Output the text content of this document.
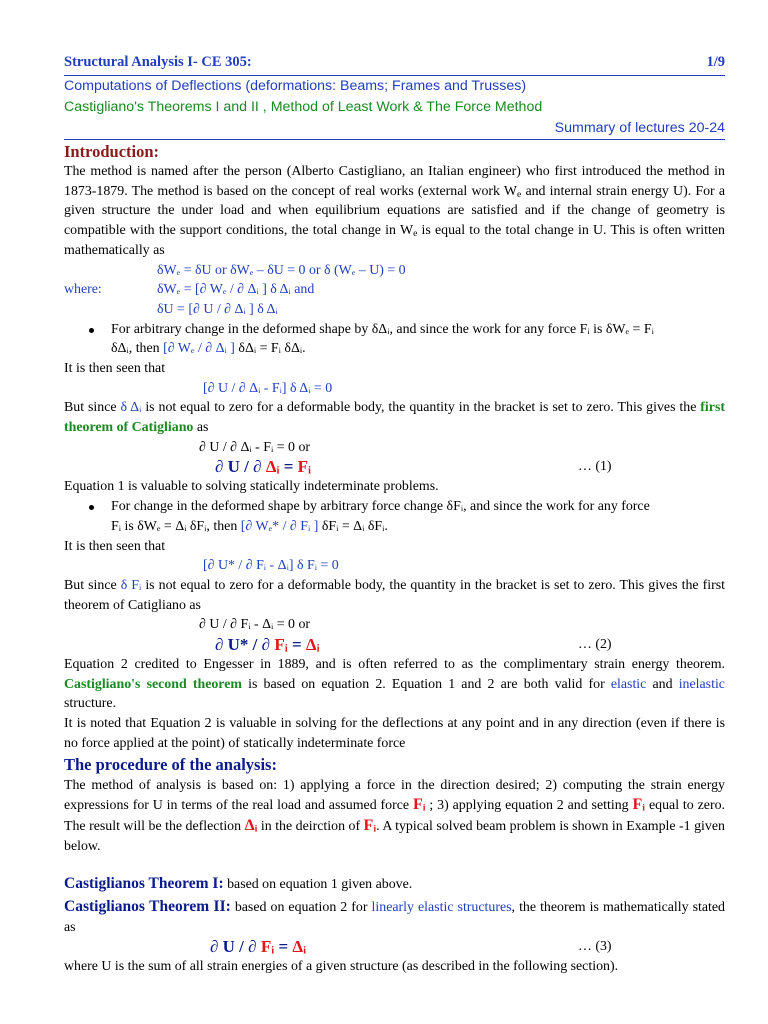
Structural Analysis I- CE 305:	1/9
Computations of Deflections (deformations: Beams; Frames and Trusses)
Castigliano's Theorems I and II , Method of Least Work & The Force Method
Summary of lectures 20-24
Introduction:
The method is named after the person (Alberto Castigliano, an Italian engineer) who first introduced the method in 1873-1879. The method is based on the concept of real works (external work $W_e$ and internal strain energy U). For a given structure the under load and when equilibrium equations are satisfied and if the change of geometry is compatible with the support conditions, the total change in $W_e$ is equal to the total change in U. This is often written mathematically as
δWₑ = δU or δWₑ – δU = 0 or δ (Wₑ – U) = 0
where:	δWₑ = [∂ Wₑ / ∂ Δᵢ ] δ Δᵢ and
δU = [∂ U / ∂ Δᵢ ] δ Δᵢ
For arbitrary change in the deformed shape by δΔᵢ, and since the work for any force Fᵢ is δWₑ = Fᵢ
δΔᵢ, then [∂ Wₑ / ∂ Δᵢ ] δΔᵢ = Fᵢ δΔᵢ.
It is then seen that
[∂ U / ∂ Δᵢ - Fᵢ] δ Δᵢ = 0
But since δ Δᵢ is not equal to zero for a deformable body, the quantity in the bracket is set to zero. This gives the first theorem of Catigliano as
∂ U / ∂ Δᵢ - Fᵢ = 0 or
∂ U / ∂ Δᵢ = Fᵢ	… (1)
Equation 1 is valuable to solving statically indeterminate problems.
For change in the deformed shape by arbitrary force change δFᵢ, and since the work for any force
Fᵢ is δWₑ = Δᵢ δFᵢ, then [∂ Wₑ* / ∂ Fᵢ ] δFᵢ = Δᵢ δFᵢ.
It is then seen that
[∂ U* / ∂ Fᵢ - Δᵢ] δ Fᵢ = 0
But since δ Fᵢ is not equal to zero for a deformable body, the quantity in the bracket is set to zero. This gives the first theorem of Catigliano as
∂ U / ∂ Fᵢ - Δᵢ = 0 or
∂ U* / ∂ Fᵢ = Δᵢ	… (2)
Equation 2 credited to Engesser in 1889, and is often referred to as the complimentary strain energy theorem. Castigliano's second theorem is based on equation 2. Equation 1 and 2 are both valid for elastic and inelastic structure.
It is noted that Equation 2 is valuable in solving for the deflections at any point and in any direction (even if there is no force applied at the point) of statically indeterminate force
The procedure of the analysis:
The method of analysis is based on: 1) applying a force in the direction desired; 2) computing the strain energy expressions for U in terms of the real load and assumed force Fᵢ ; 3) applying equation 2 and setting Fᵢ equal to zero. The result will be the deflection Δᵢ in the deirction of Fᵢ. A typical solved beam problem is shown in Example -1 given below.
Castiglianos Theorem I: based on equation 1 given above.
Castiglianos Theorem II: based on equation 2 for linearly elastic structures, the theorem is mathematically stated as
∂ U / ∂ Fᵢ = Δᵢ	… (3)
where U is the sum of all strain energies of a given structure (as described in the following section).
